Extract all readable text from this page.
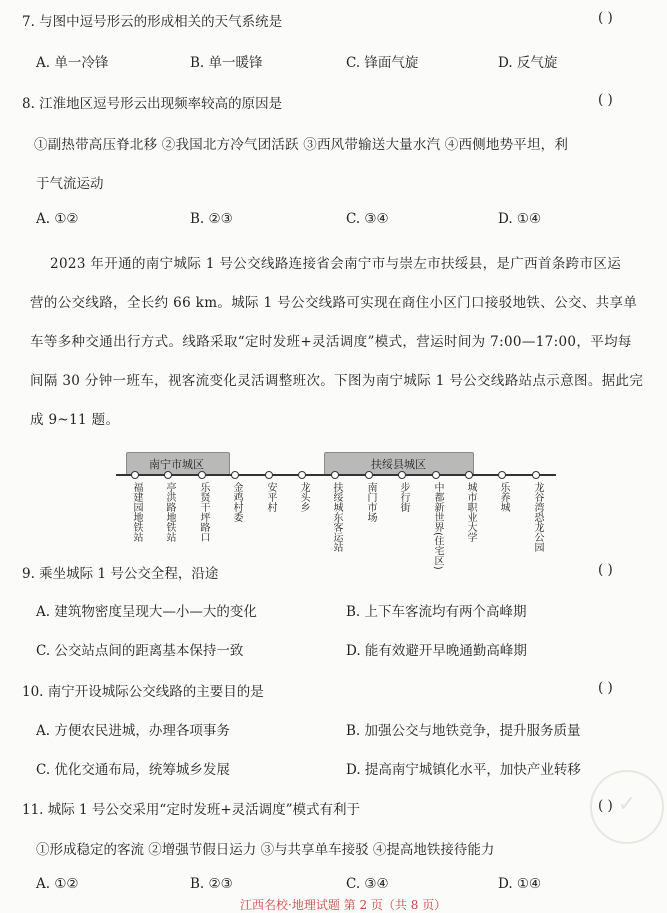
7. 与图中逗号形云的形成相关的天气系统是	( )
A. 单一冷锋	B. 单一暖锋	C. 锋面气旋	D. 反气旋
8. 江淮地区逗号形云出现频率较高的原因是	( )
①副热带高压脊北移 ②我国北方冷气团活跃 ③西风带输送大量水汽 ④西侧地势平坦，利
于气流运动
A. ①②	B. ②③	C. ③④	D. ①④
2023 年开通的南宁城际 1 号公交线路连接省会南宁市与崇左市扶绥县，是广西首条跨市区运
营的公交线路，全长约 66 km。城际 1 号公交线路可实现在商住小区门口接驳地铁、公交、共享单
车等多种交通出行方式。线路采取“定时发班+灵活调度”模式，营运时间为 7:00—17:00，平均每
间隔 30 分钟一班车，视客流变化灵活调整班次。下图为南宁城际 1 号公交线路站点示意图。据此完
成 9~11 题。
南宁市城区	扶绥县城区
福建园地铁站	亭洪路地铁站	乐贤干坪路口	金鸡村委	安平村	龙头乡	扶绥城东客运站	南门市场	步行街	中都新世界(住宅区)	城市职业大学	乐养城	龙谷湾恐龙公园
9. 乘坐城际 1 号公交全程，沿途	( )
A. 建筑物密度呈现大—小—大的变化	B. 上下车客流均有两个高峰期
C. 公交站点间的距离基本保持一致	D. 能有效避开早晚通勤高峰期
10. 南宁开设城际公交线路的主要目的是	( )
A. 方便农民进城，办理各项事务	B. 加强公交与地铁竞争，提升服务质量
C. 优化交通布局，统筹城乡发展	D. 提高南宁城镇化水平，加快产业转移
11. 城际 1 号公交采用“定时发班+灵活调度”模式有利于	( )
①形成稳定的客流 ②增强节假日运力 ③与共享单车接驳 ④提高地铁接待能力
A. ①②	B. ②③	C. ③④	D. ①④
✓
江西名校·地理试题 第 2 页（共 8 页）
